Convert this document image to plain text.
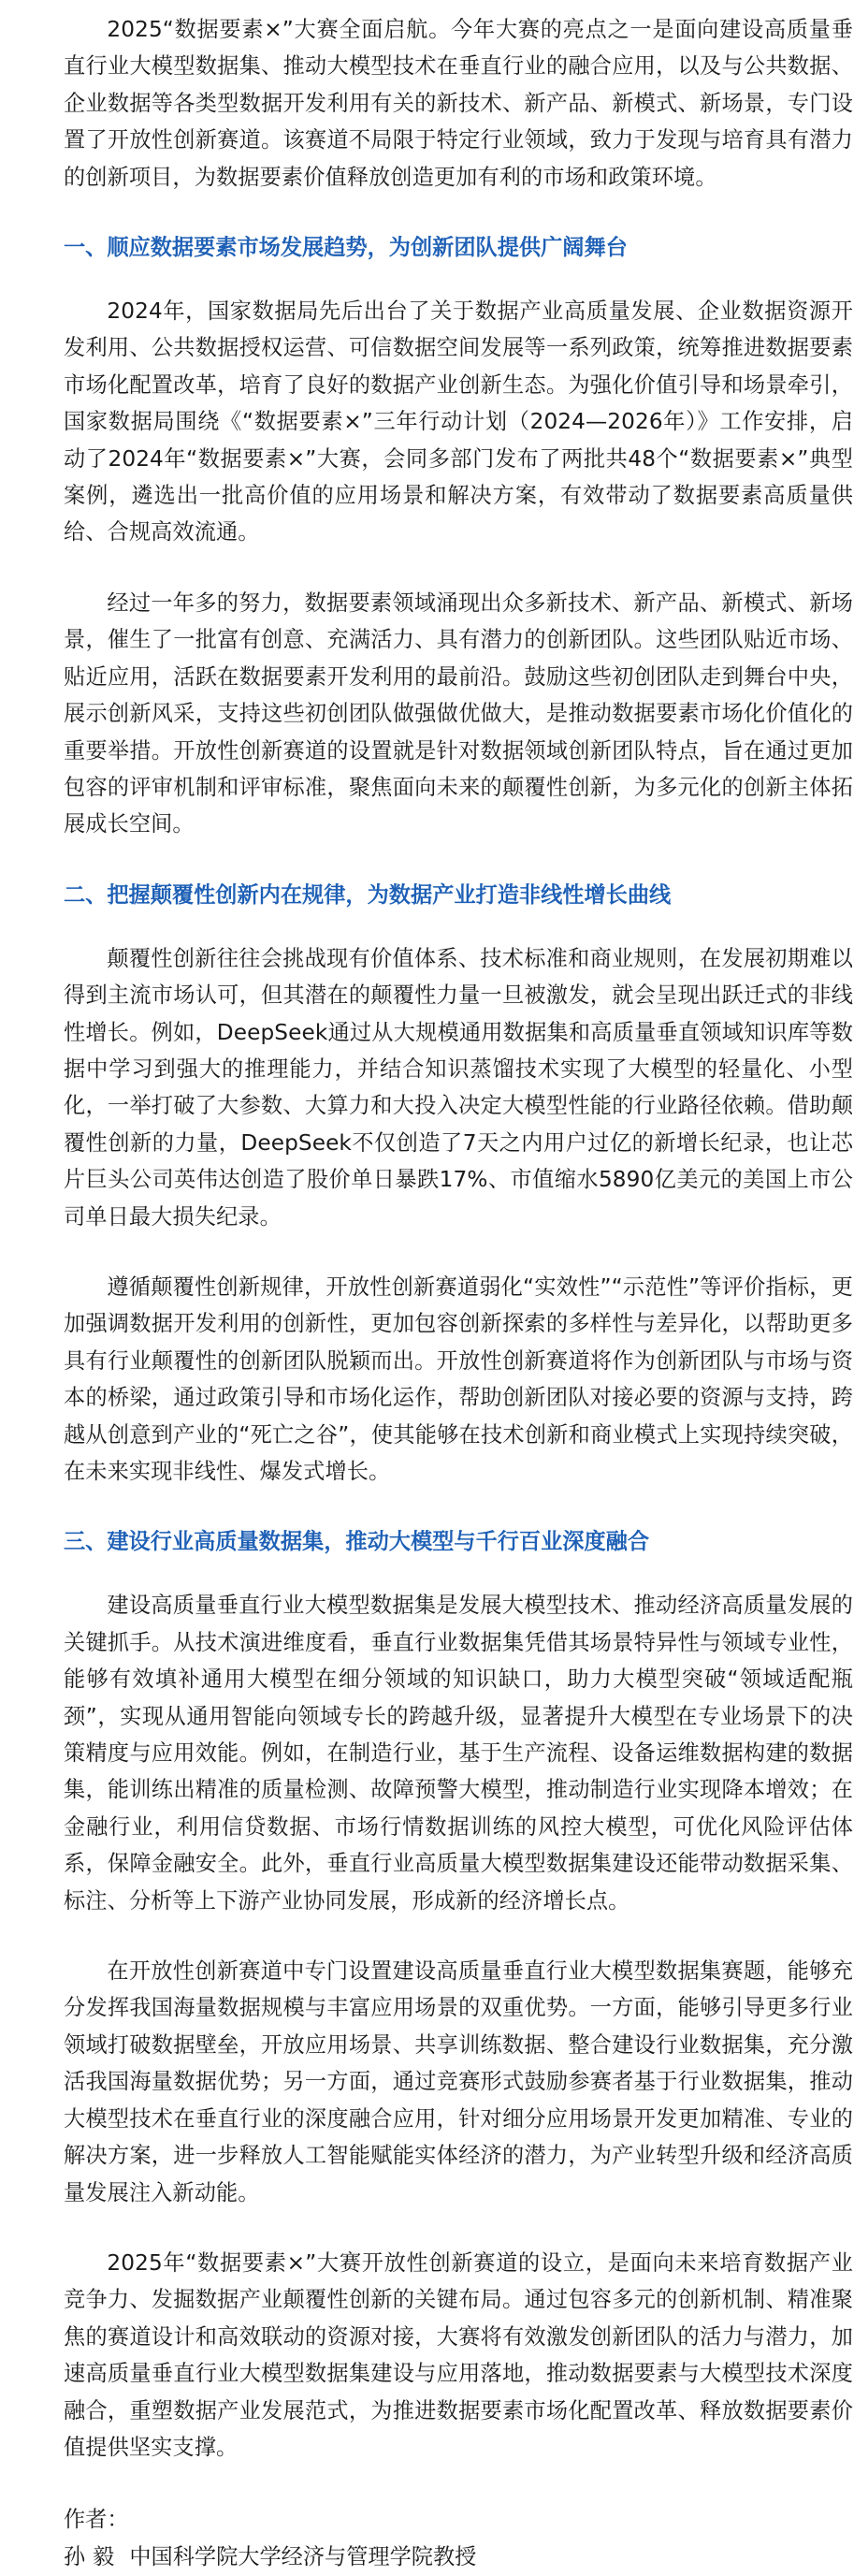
2025“数据要素×”大赛全面启航。今年大赛的亮点之一是面向建设高质量垂直行业大模型数据集、推动大模型技术在垂直行业的融合应用，以及与公共数据、企业数据等各类型数据开发利用有关的新技术、新产品、新模式、新场景，专门设置了开放性创新赛道。该赛道不局限于特定行业领域，致力于发现与培育具有潜力的创新项目，为数据要素价值释放创造更加有利的市场和政策环境。

一、顺应数据要素市场发展趋势，为创新团队提供广阔舞台

2024年，国家数据局先后出台了关于数据产业高质量发展、企业数据资源开发利用、公共数据授权运营、可信数据空间发展等一系列政策，统筹推进数据要素市场化配置改革，培育了良好的数据产业创新生态。为强化价值引导和场景牵引，国家数据局围绕《“数据要素×”三年行动计划（2024—2026年）》工作安排，启动了2024年“数据要素×”大赛，会同多部门发布了两批共48个“数据要素×”典型案例，遴选出一批高价值的应用场景和解决方案，有效带动了数据要素高质量供给、合规高效流通。

经过一年多的努力，数据要素领域涌现出众多新技术、新产品、新模式、新场景，催生了一批富有创意、充满活力、具有潜力的创新团队。这些团队贴近市场、贴近应用，活跃在数据要素开发利用的最前沿。鼓励这些初创团队走到舞台中央，展示创新风采，支持这些初创团队做强做优做大，是推动数据要素市场化价值化的重要举措。开放性创新赛道的设置就是针对数据领域创新团队特点，旨在通过更加包容的评审机制和评审标准，聚焦面向未来的颠覆性创新，为多元化的创新主体拓展成长空间。

二、把握颠覆性创新内在规律，为数据产业打造非线性增长曲线

颠覆性创新往往会挑战现有价值体系、技术标准和商业规则，在发展初期难以得到主流市场认可，但其潜在的颠覆性力量一旦被激发，就会呈现出跃迁式的非线性增长。例如，DeepSeek通过从大规模通用数据集和高质量垂直领域知识库等数据中学习到强大的推理能力，并结合知识蒸馏技术实现了大模型的轻量化、小型化，一举打破了大参数、大算力和大投入决定大模型性能的行业路径依赖。借助颠覆性创新的力量，DeepSeek不仅创造了7天之内用户过亿的新增长纪录，也让芯片巨头公司英伟达创造了股价单日暴跌17%、市值缩水5890亿美元的美国上市公司单日最大损失纪录。

遵循颠覆性创新规律，开放性创新赛道弱化“实效性”“示范性”等评价指标，更加强调数据开发利用的创新性，更加包容创新探索的多样性与差异化，以帮助更多具有行业颠覆性的创新团队脱颖而出。开放性创新赛道将作为创新团队与市场与资本的桥梁，通过政策引导和市场化运作，帮助创新团队对接必要的资源与支持，跨越从创意到产业的“死亡之谷”，使其能够在技术创新和商业模式上实现持续突破，在未来实现非线性、爆发式增长。

三、建设行业高质量数据集，推动大模型与千行百业深度融合

建设高质量垂直行业大模型数据集是发展大模型技术、推动经济高质量发展的关键抓手。从技术演进维度看，垂直行业数据集凭借其场景特异性与领域专业性，能够有效填补通用大模型在细分领域的知识缺口，助力大模型突破“领域适配瓶颈”，实现从通用智能向领域专长的跨越升级，显著提升大模型在专业场景下的决策精度与应用效能。例如，在制造行业，基于生产流程、设备运维数据构建的数据集，能训练出精准的质量检测、故障预警大模型，推动制造行业实现降本增效；在金融行业，利用信贷数据、市场行情数据训练的风控大模型，可优化风险评估体系，保障金融安全。此外，垂直行业高质量大模型数据集建设还能带动数据采集、标注、分析等上下游产业协同发展，形成新的经济增长点。

在开放性创新赛道中专门设置建设高质量垂直行业大模型数据集赛题，能够充分发挥我国海量数据规模与丰富应用场景的双重优势。一方面，能够引导更多行业领域打破数据壁垒，开放应用场景、共享训练数据、整合建设行业数据集，充分激活我国海量数据优势；另一方面，通过竞赛形式鼓励参赛者基于行业数据集，推动大模型技术在垂直行业的深度融合应用，针对细分应用场景开发更加精准、专业的解决方案，进一步释放人工智能赋能实体经济的潜力，为产业转型升级和经济高质量发展注入新动能。

2025年“数据要素×”大赛开放性创新赛道的设立，是面向未来培育数据产业竞争力、发掘数据产业颠覆性创新的关键布局。通过包容多元的创新机制、精准聚焦的赛道设计和高效联动的资源对接，大赛将有效激发创新团队的活力与潜力，加速高质量垂直行业大模型数据集建设与应用落地，推动数据要素与大模型技术深度融合，重塑数据产业发展范式，为推进数据要素市场化配置改革、释放数据要素价值提供坚实支撑。

作者：
孙毅 中国科学院大学经济与管理学院教授
